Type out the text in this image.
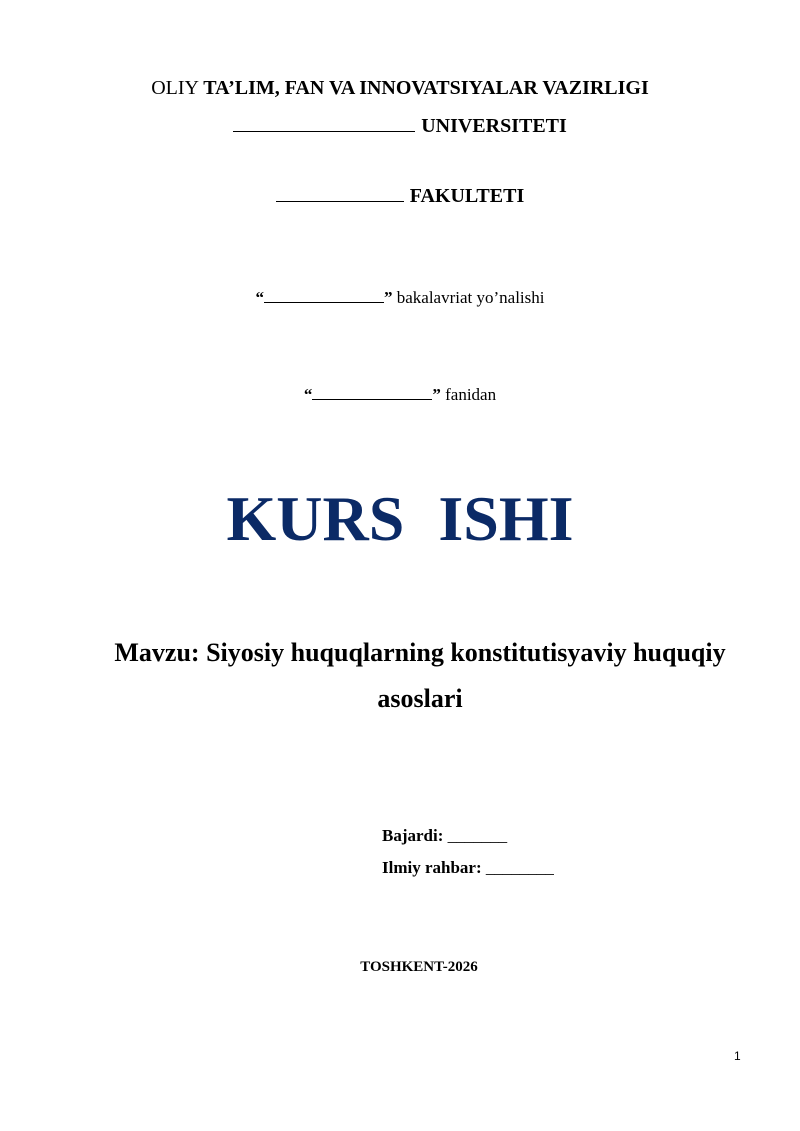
OLIY TA’LIM, FAN VA INNOVATSIYALAR VAZIRLIGI
UNIVERSITETI
FAKULTETI
“	” bakalavriat yo’nalishi
“	” fanidan
KURS ISHI
Mavzu: Siyosiy huquqlarning konstitutisyaviy huquqiy asoslari
Bajardi: _______
Ilmiy rahbar: ________
TOSHKENT-2026
1
